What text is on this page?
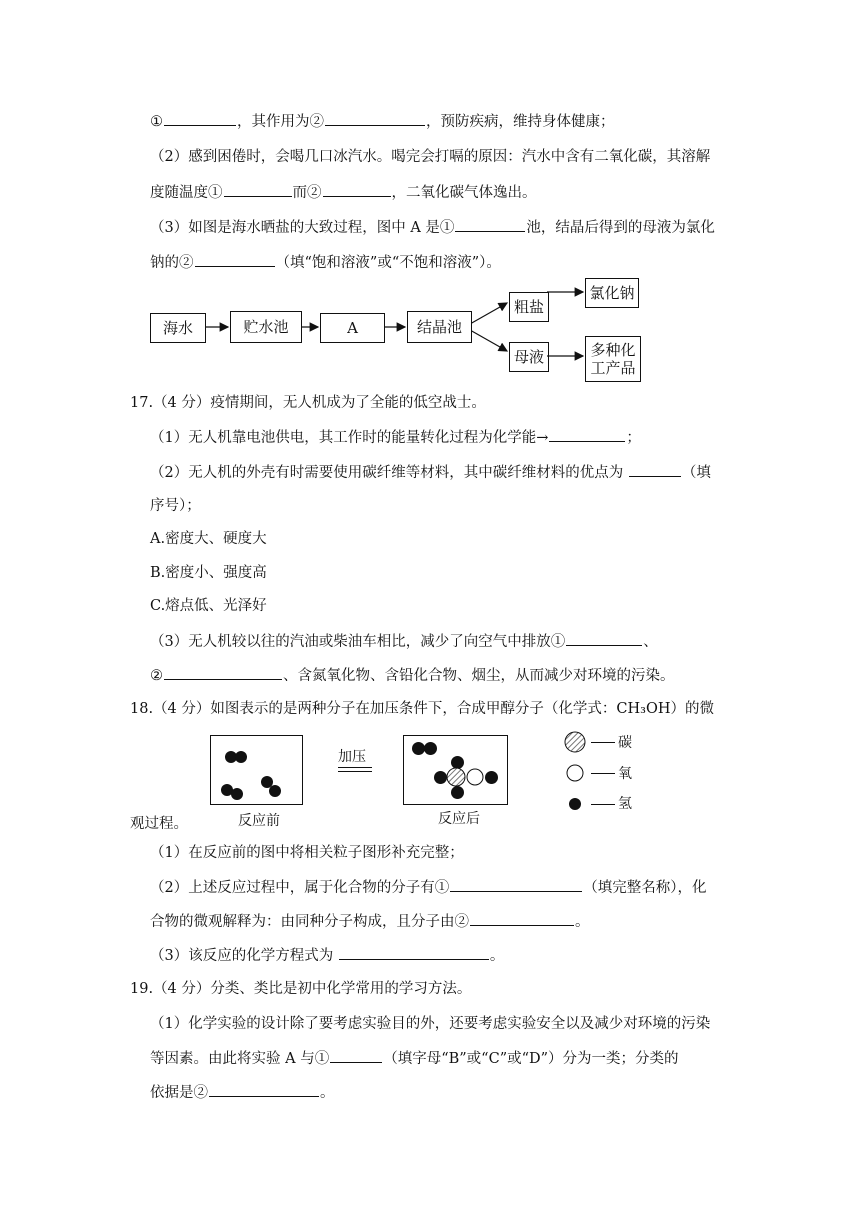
①	，其作用为②	，预防疾病，维持身体健康；
（2）感到困倦时，会喝几口冰汽水。喝完会打嗝的原因：汽水中含有二氧化碳，其溶解
度随温度①	而②	，二氧化碳气体逸出。
（3）如图是海水晒盐的大致过程，图中 A 是①	池，结晶后得到的母液为氯化
钠的②	（填“饱和溶液”或“不饱和溶液”）。
海水	贮水池	A	结晶池
粗盐
氯化钠
母液	多种化
工产品
17.（4 分）疫情期间，无人机成为了全能的低空战士。
（1）无人机靠电池供电，其工作时的能量转化过程为化学能→	；
（2）无人机的外壳有时需要使用碳纤维等材料，其中碳纤维材料的优点为	（填
序号）；
A.密度大、硬度大
B.密度小、强度高
C.熔点低、光泽好
（3）无人机较以往的汽油或柴油车相比，减少了向空气中排放①	、
②	、含氮氧化物、含铅化合物、烟尘，从而减少对环境的污染。
18.（4 分）如图表示的是两种分子在加压条件下，合成甲醇分子（化学式：CH₃OH）的微
加压
反应前	反应后
碳
氧
氢
观过程。
（1）在反应前的图中将相关粒子图形补充完整；
（2）上述反应过程中，属于化合物的分子有①	（填完整名称），化
合物的微观解释为：由同种分子构成，且分子由②	。
（3）该反应的化学方程式为	。
19.（4 分）分类、类比是初中化学常用的学习方法。
（1）化学实验的设计除了要考虑实验目的外，还要考虑实验安全以及减少对环境的污染
等因素。由此将实验 A 与①	（填字母“B”或“C”或“D”）分为一类；分类的
依据是②	。
